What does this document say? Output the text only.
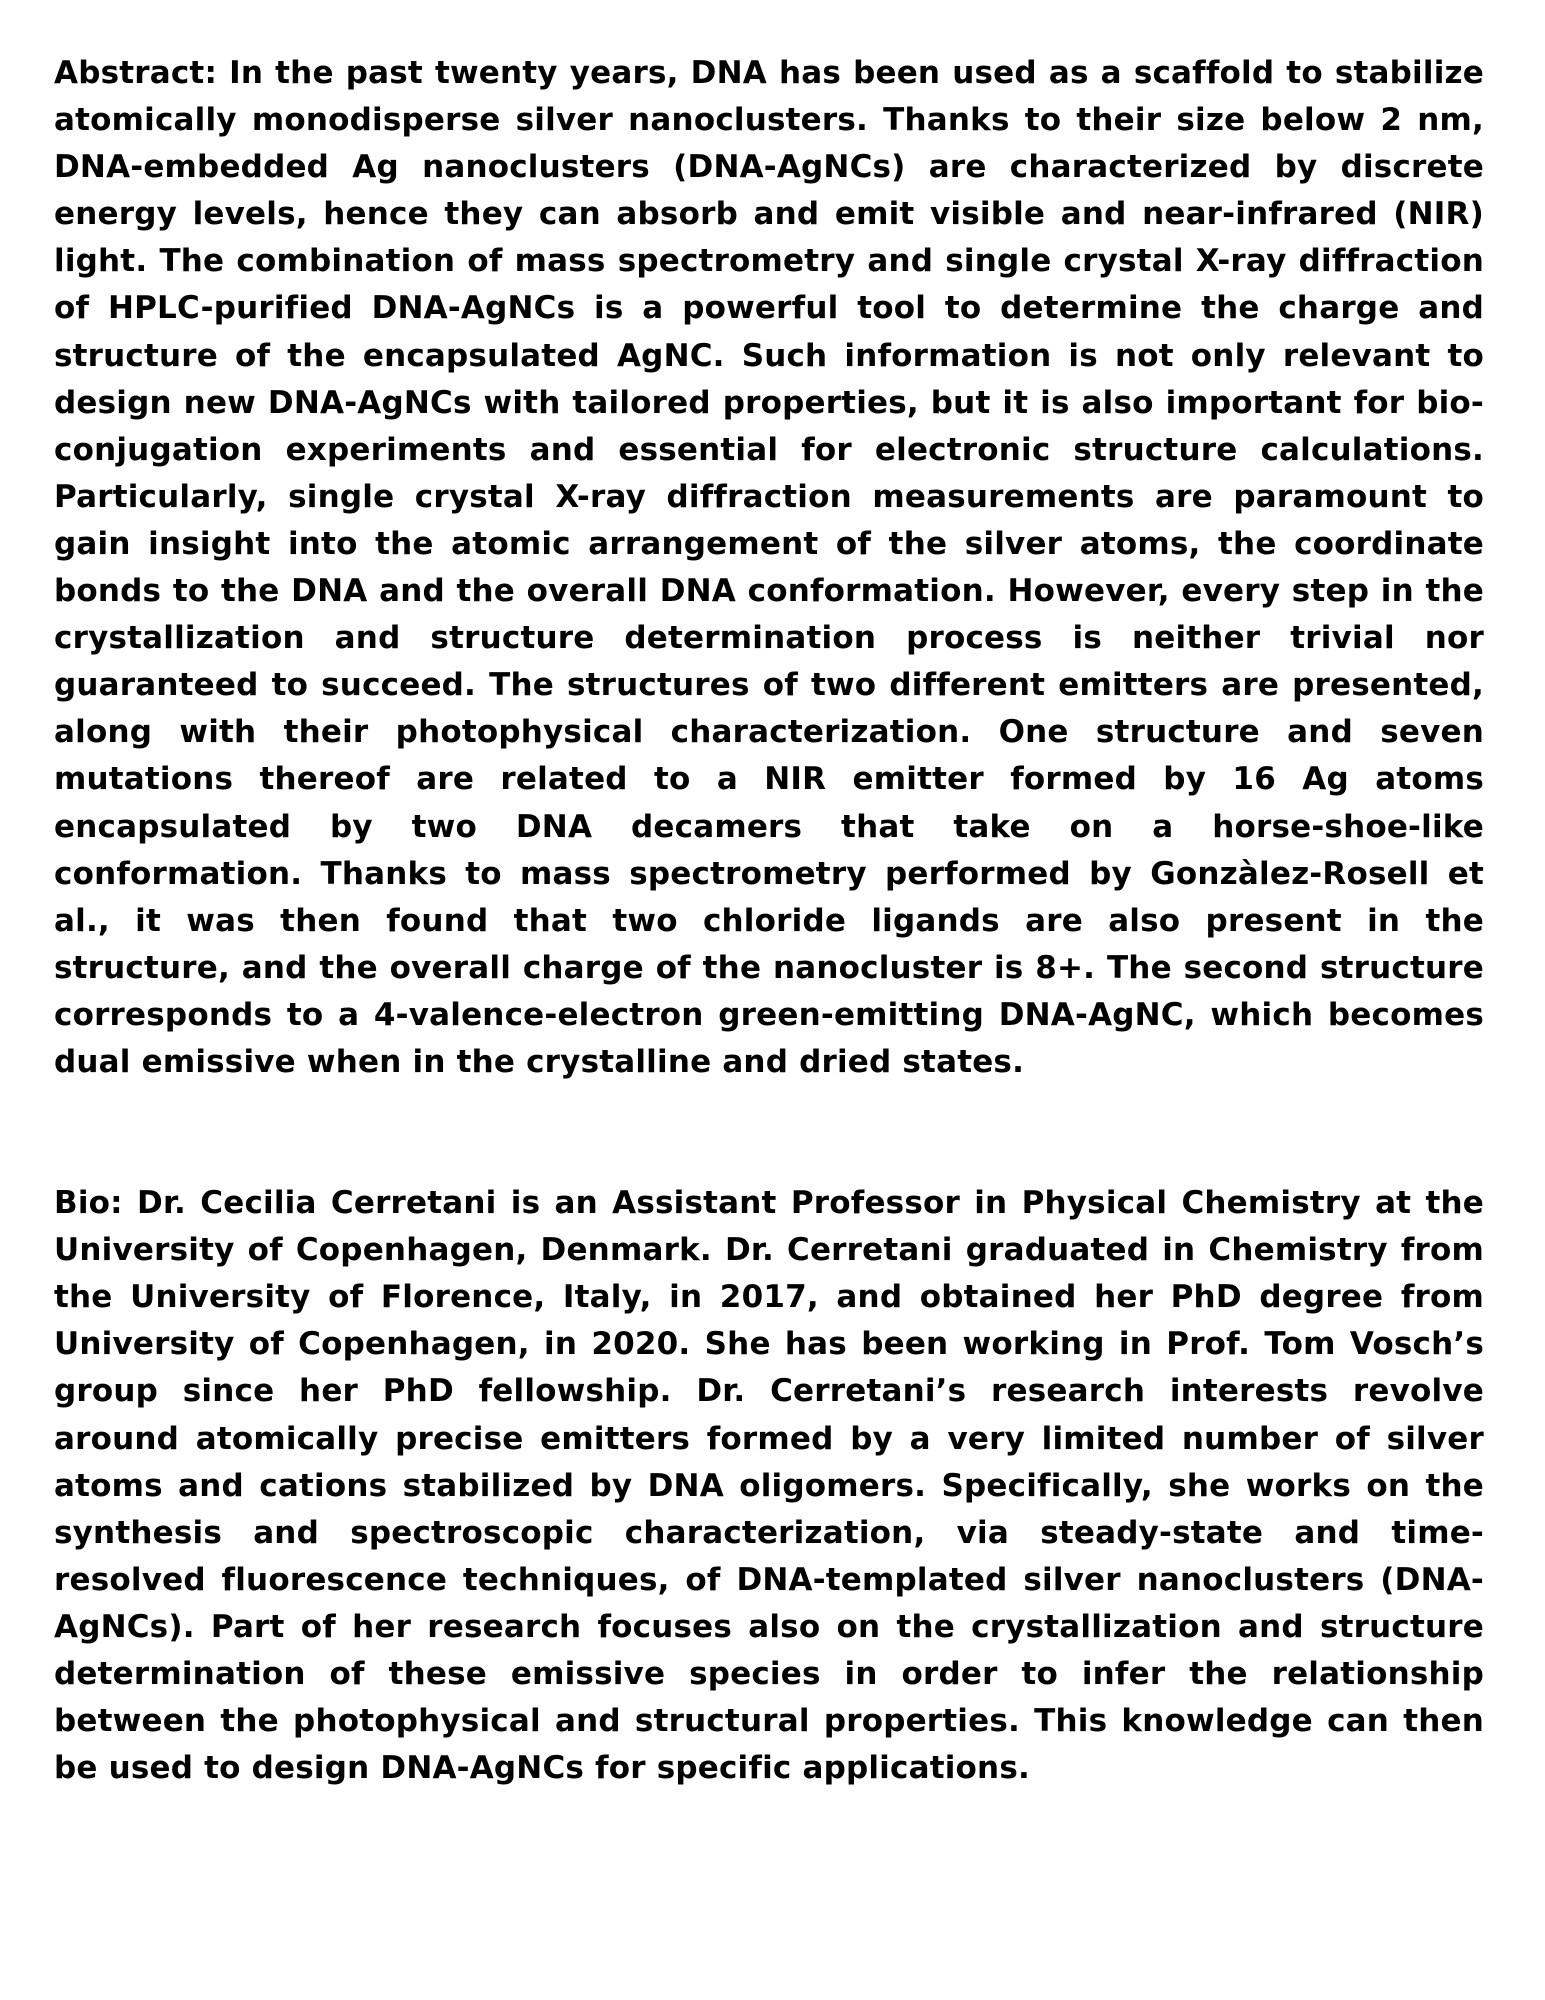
Abstract: In the past twenty years, DNA has been used as a scaffold to stabilize atomically monodisperse silver nanoclusters. Thanks to their size below 2 nm, DNA-embedded Ag nanoclusters (DNA-AgNCs) are characterized by discrete energy levels, hence they can absorb and emit visible and near-infrared (NIR) light. The combination of mass spectrometry and single crystal X-ray diffraction of HPLC-purified DNA-AgNCs is a powerful tool to determine the charge and structure of the encapsulated AgNC. Such information is not only relevant to design new DNA-AgNCs with tailored properties, but it is also important for bio-conjugation experiments and essential for electronic structure calculations. Particularly, single crystal X-ray diffraction measurements are paramount to gain insight into the atomic arrangement of the silver atoms, the coordinate bonds to the DNA and the overall DNA conformation. However, every step in the crystallization and structure determination process is neither trivial nor guaranteed to succeed. The structures of two different emitters are presented, along with their photophysical characterization. One structure and seven mutations thereof are related to a NIR emitter formed by 16 Ag atoms encapsulated by two DNA decamers that take on a horse-shoe-like conformation. Thanks to mass spectrometry performed by Gonzàlez-Rosell et al., it was then found that two chloride ligands are also present in the structure, and the overall charge of the nanocluster is 8+. The second structure corresponds to a 4-valence-electron green-emitting DNA-AgNC, which becomes dual emissive when in the crystalline and dried states.

Bio: Dr. Cecilia Cerretani is an Assistant Professor in Physical Chemistry at the University of Copenhagen, Denmark. Dr. Cerretani graduated in Chemistry from the University of Florence, Italy, in 2017, and obtained her PhD degree from University of Copenhagen, in 2020. She has been working in Prof. Tom Vosch’s group since her PhD fellowship. Dr. Cerretani’s research interests revolve around atomically precise emitters formed by a very limited number of silver atoms and cations stabilized by DNA oligomers. Specifically, she works on the synthesis and spectroscopic characterization, via steady-state and time-resolved fluorescence techniques, of DNA-templated silver nanoclusters (DNA-AgNCs). Part of her research focuses also on the crystallization and structure determination of these emissive species in order to infer the relationship between the photophysical and structural properties. This knowledge can then be used to design DNA-AgNCs for specific applications.
